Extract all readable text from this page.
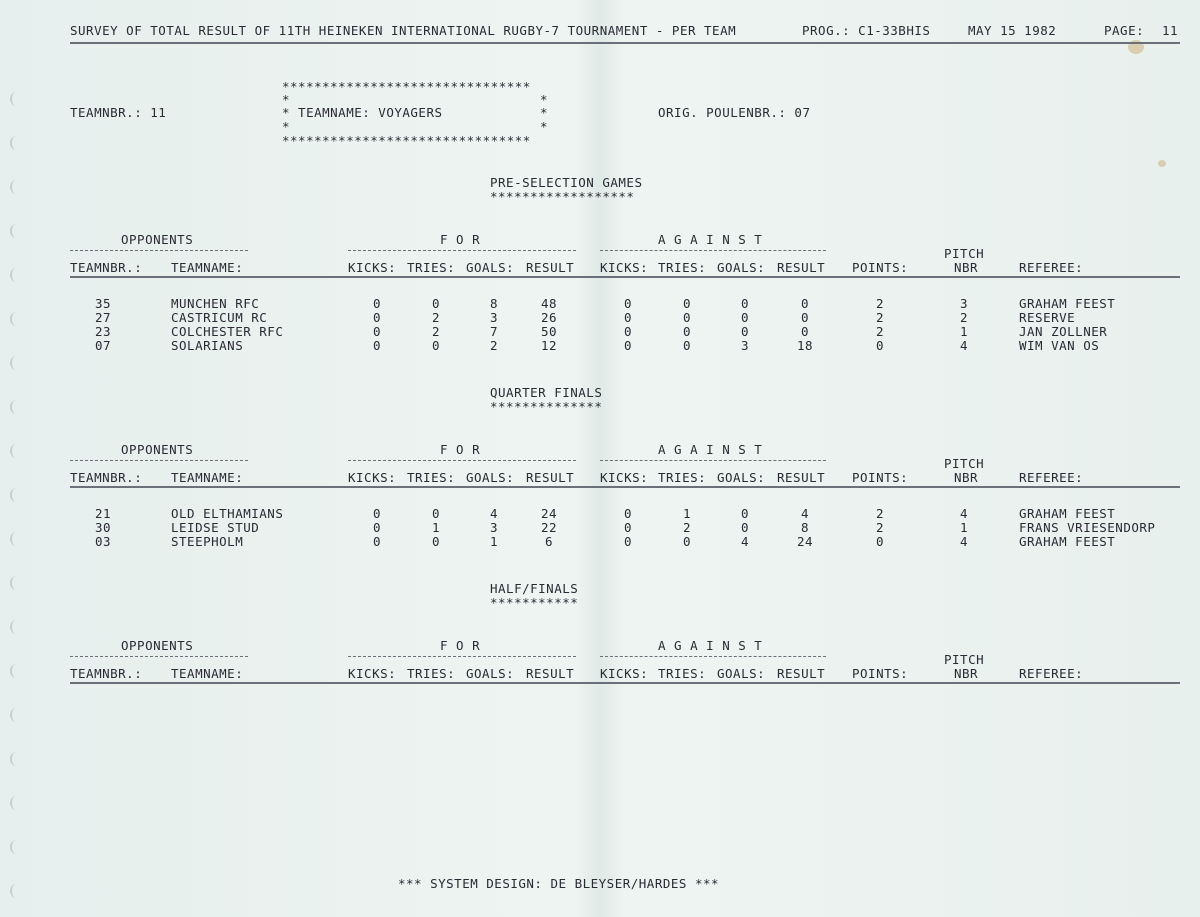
SURVEY OF TOTAL RESULT OF 11TH HEINEKEN INTERNATIONAL RUGBY-7 TOURNAMENT - PER TEAM	PROG.: C1-33BHIS	MAY 15 1982	PAGE: 11
TEAMNBR.: 11
*******************************
*	*
* TEAMNAME: VOYAGERS	*
*	*
*******************************
ORIG. POULENBR.: 07
PRE-SELECTION GAMES
******************
OPPONENTS	F O R	A G A I N S T
PITCH
TEAMNBR.: TEAMNAME:	KICKS: TRIES: GOALS: RESULT KICKS: TRIES: GOALS: RESULT POINTS:	NBR	REFEREE:
35	MUNCHEN RFC	0	0	8	48	0	0	0	0	2	3	GRAHAM FEEST
27	CASTRICUM RC	0	2	3	26	0	0	0	0	2	2	RESERVE
23	COLCHESTER RFC	0	2	7	50	0	0	0	0	2	1	JAN ZOLLNER
07	SOLARIANS	0	0	2	12	0	0	3	18	0	4	WIM VAN OS
QUARTER FINALS
**************
OPPONENTS	F O R	A G A I N S T
PITCH
TEAMNBR.: TEAMNAME:	KICKS: TRIES: GOALS: RESULT KICKS: TRIES: GOALS: RESULT POINTS:	NBR	REFEREE:
21	OLD ELTHAMIANS	0	0	4	24	0	1	0	4	2	4	GRAHAM FEEST
30	LEIDSE STUD	0	1	3	22	0	2	0	8	2	1	FRANS VRIESENDORP
03	STEEPHOLM	0	0	1	6	0	0	4	24	0	4	GRAHAM FEEST
HALF/FINALS
***********
OPPONENTS	F O R	A G A I N S T
PITCH
TEAMNBR.: TEAMNAME:	KICKS: TRIES: GOALS: RESULT KICKS: TRIES: GOALS: RESULT POINTS:	NBR	REFEREE:
*** SYSTEM DESIGN: DE BLEYSER/HARDES ***
